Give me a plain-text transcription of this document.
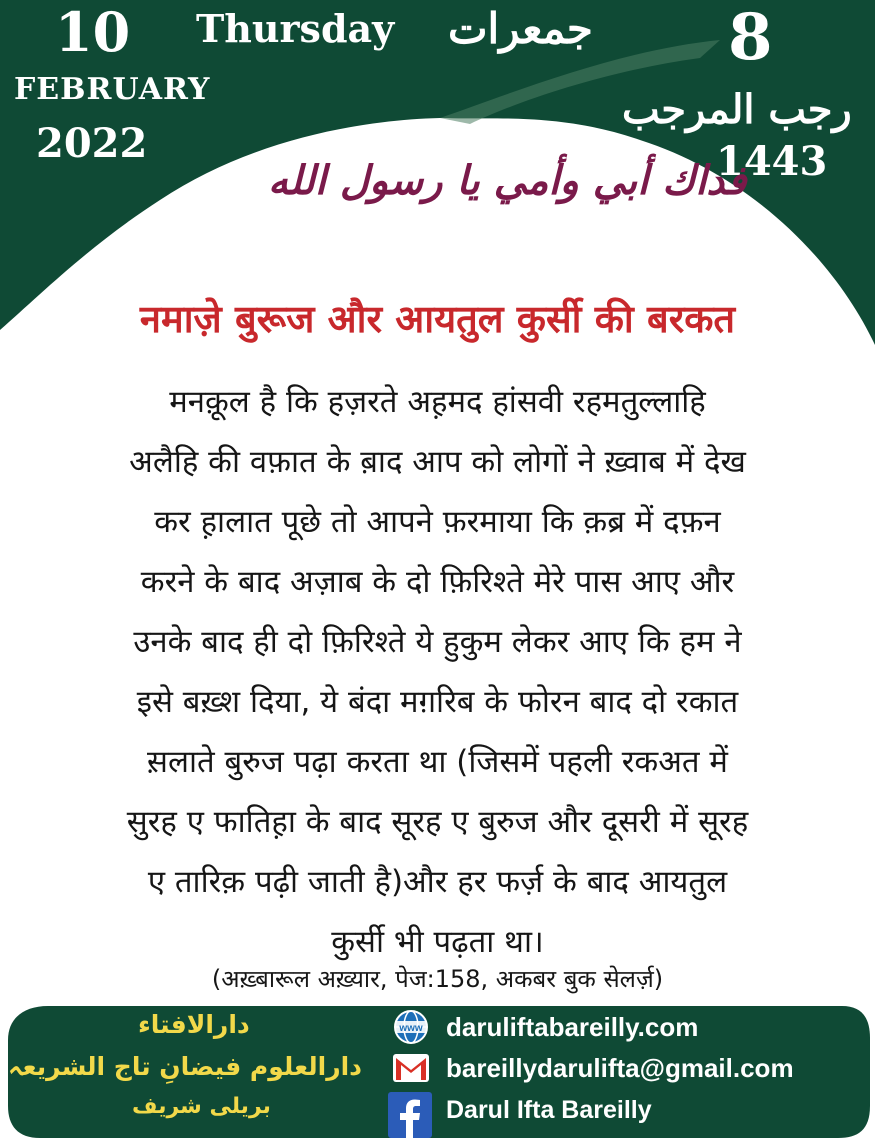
10
FEBRUARY
2022
Thursday جمعرات 8
رجب المرجب
1443
فداك أبي وأمي يا رسول الله
नमाज़े बुरूज और आयतुल कुर्सी की बरकत
मनक़ूल है कि हज़रते अह़मद हांसवी रहमतुल्लाहि
अलैहि की वफ़ात के ब़ाद आप को लोगों ने ख़्वाब में देख
कर ह़ालात पूछे तो आपने फ़रमाया कि क़ब्र में दफ़न
करने के बाद अज़ाब के दो फ़िरिश्ते मेरे पास आए और
उनके बाद ही दो फ़िरिश्ते ये हुकुम लेकर आए कि हम ने
इसे बख़्श दिया, ये बंदा मग़रिब के फोरन बाद दो रकात
स़लाते बुरुज पढ़ा करता था (जिसमें पहली रकअत में
सुरह ए फातिह़ा के बाद सूरह ए बुरुज और दूसरी में सूरह
ए तारिक़ पढ़ी जाती है)और हर फर्ज़ के बाद आयतुल
कुर्सी भी पढ़ता था।
(अख़्बारूल अख़्यार, पेज:158, अकबर बुक सेलर्ज़)
دارالافتاء
دارالعلوم فیضانِ تاج الشریعہ
بریلی شریف
www daruliftabareilly.com
bareillydarulifta@gmail.com
Darul Ifta Bareilly
